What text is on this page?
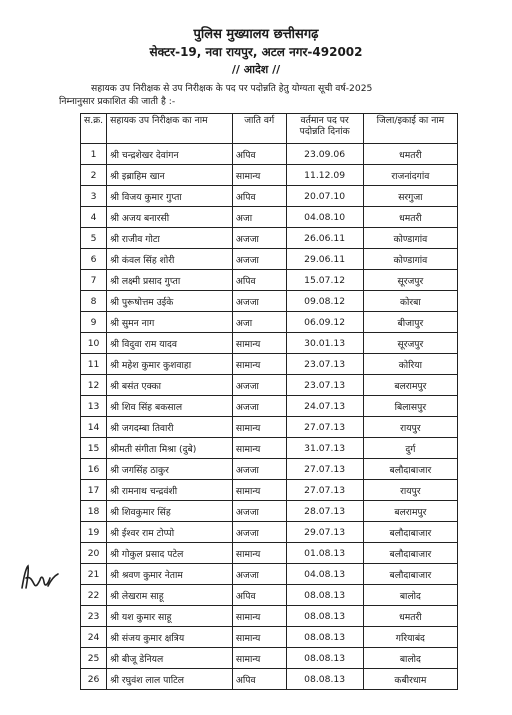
पुलिस मुख्यालय छत्तीसगढ़
सेक्टर-19, नवा रायपुर, अटल नगर-492002
// आदेश //
सहायक उप निरीक्षक से उप निरीक्षक के पद पर पदोन्नति हेतु योग्यता सूची वर्ष-2025
निम्नानुसार प्रकाशित की जाती है :-
स.क्र.	सहायक उप निरीक्षक का नाम	जाति वर्ग	वर्तमान पद पर पदोन्नति दिनांक	जिला/इकाई का नाम
1	श्री चन्द्रशेखर देवांगन	अपिव	23.09.06	धमतरी
2	श्री इब्राहिम खान	सामान्य	11.12.09	राजनांदगांव
3	श्री विजय कुमार गुप्ता	अपिव	20.07.10	सरगुजा
4	श्री अजय बनारसी	अजा	04.08.10	धमतरी
5	श्री राजीव गोटा	अजजा	26.06.11	कोण्डागांव
6	श्री कंवल सिंह शोरी	अजजा	29.06.11	कोण्डागांव
7	श्री लक्ष्मी प्रसाद गुप्ता	अपिव	15.07.12	सूरजपुर
8	श्री पुरूषोत्तम उईके	अजजा	09.08.12	कोरबा
9	श्री सुमन नाग	अजा	06.09.12	बीजापुर
10	श्री विदुवा राम यादव	सामान्य	30.01.13	सूरजपुर
11	श्री महेश कुमार कुशवाहा	सामान्य	23.07.13	कोरिया
12	श्री बसंत एक्का	अजजा	23.07.13	बलरामपुर
13	श्री शिव सिंह बकसाल	अजजा	24.07.13	बिलासपुर
14	श्री जगदम्बा तिवारी	सामान्य	27.07.13	रायपुर
15	श्रीमती संगीता मिश्रा (दुबे)	सामान्य	31.07.13	दुर्ग
16	श्री जगसिंह ठाकुर	अजजा	27.07.13	बलौदाबाजार
17	श्री रामनाथ चन्द्रवंशी	सामान्य	27.07.13	रायपुर
18	श्री शिवकुमार सिंह	अजजा	28.07.13	बलरामपुर
19	श्री ईश्वर राम टोप्पो	अजजा	29.07.13	बलौदाबाजार
20	श्री गोकुल प्रसाद पटेल	सामान्य	01.08.13	बलौदाबाजार
21	श्री श्रवण कुमार नेताम	अजजा	04.08.13	बलौदाबाजार
22	श्री लेखराम साहू	अपिव	08.08.13	बालोद
23	श्री यश कुमार साहू	सामान्य	08.08.13	धमतरी
24	श्री संजय कुमार क्षत्रिय	सामान्य	08.08.13	गरियाबंद
25	श्री बीजू डेनियल	सामान्य	08.08.13	बालोद
26	श्री रघुवंश लाल पाटिल	अपिव	08.08.13	कबीरधाम
